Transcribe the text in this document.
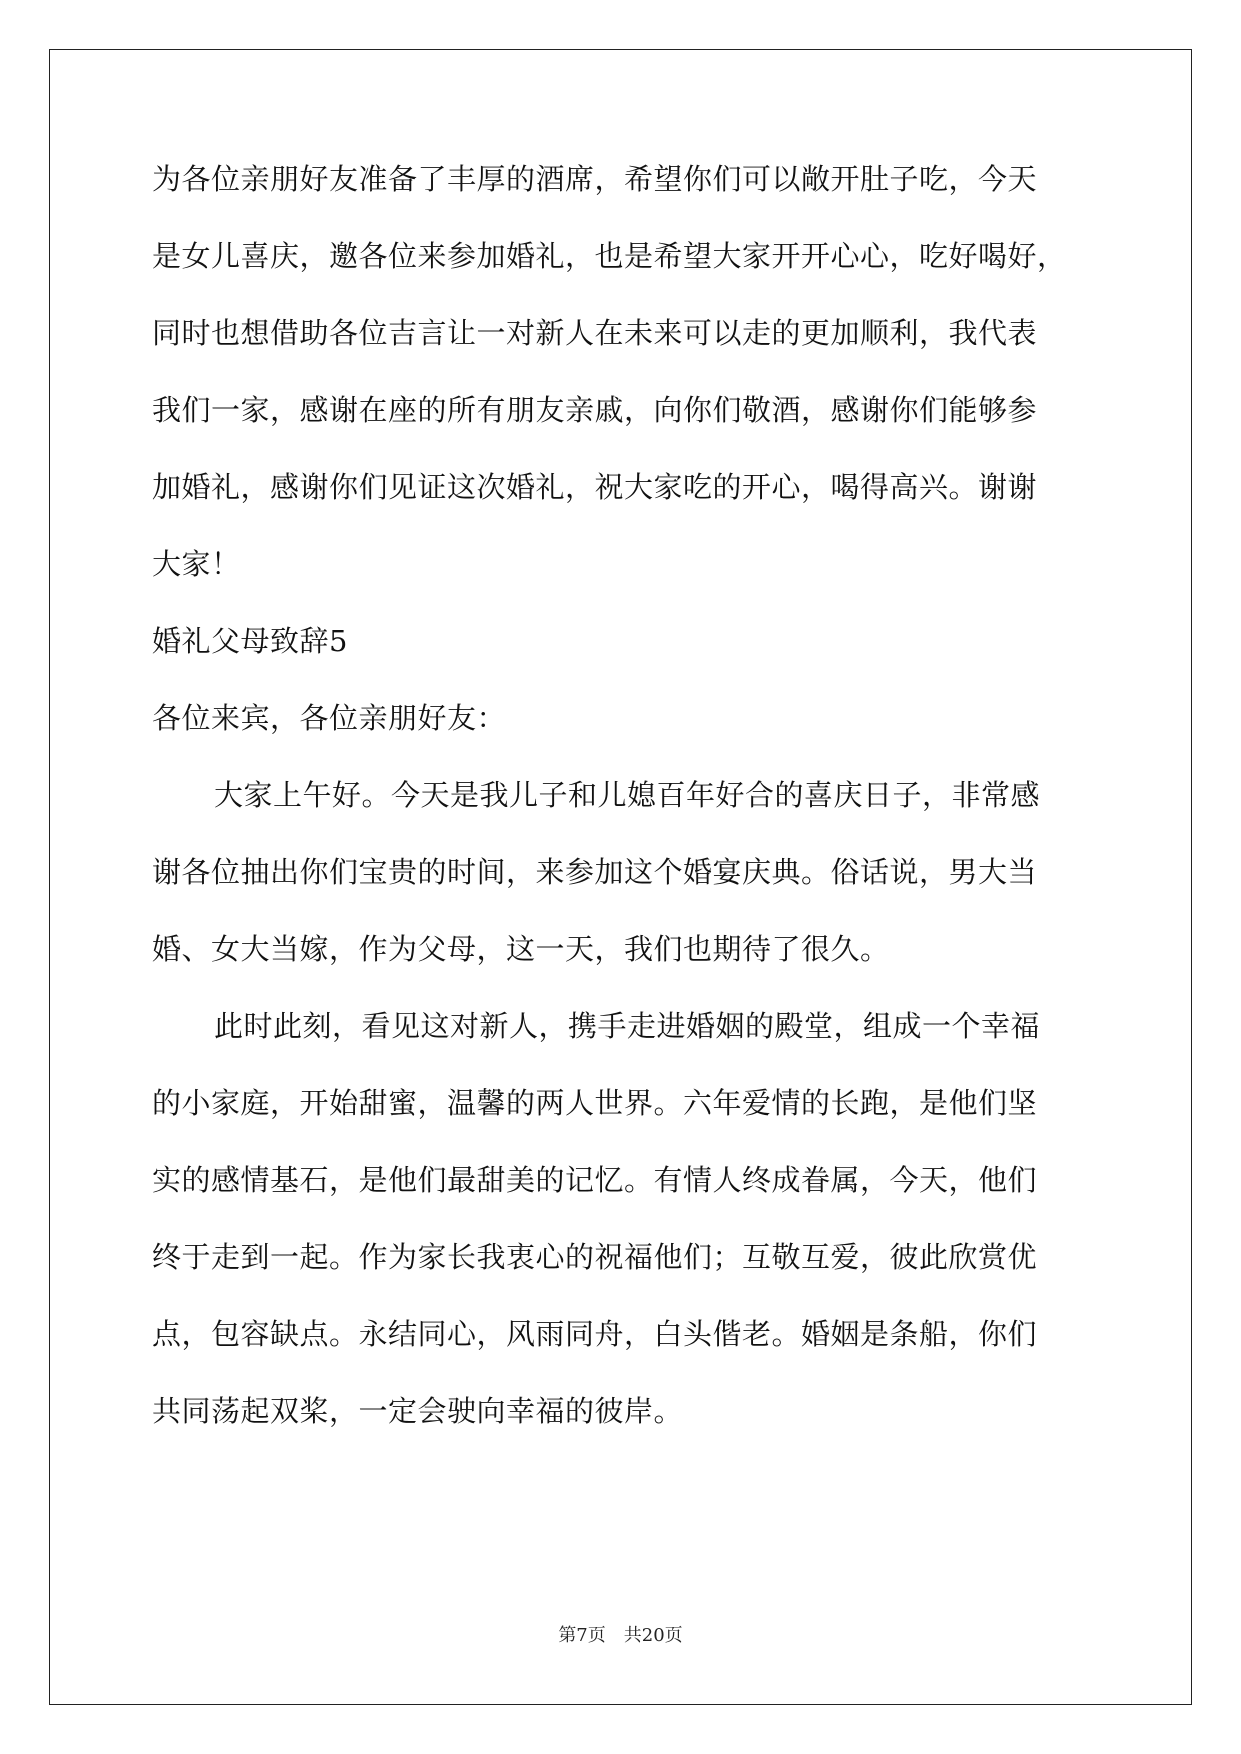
为各位亲朋好友准备了丰厚的酒席，希望你们可以敞开肚子吃，今天
是女儿喜庆，邀各位来参加婚礼，也是希望大家开开心心，吃好喝好，
同时也想借助各位吉言让一对新人在未来可以走的更加顺利，我代表
我们一家，感谢在座的所有朋友亲戚，向你们敬酒，感谢你们能够参
加婚礼，感谢你们见证这次婚礼，祝大家吃的开心，喝得高兴。谢谢
大家！
婚礼父母致辞5
各位来宾，各位亲朋好友：
大家上午好。今天是我儿子和儿媳百年好合的喜庆日子，非常感
谢各位抽出你们宝贵的时间，来参加这个婚宴庆典。俗话说，男大当
婚、女大当嫁，作为父母，这一天，我们也期待了很久。
此时此刻，看见这对新人，携手走进婚姻的殿堂，组成一个幸福
的小家庭，开始甜蜜，温馨的两人世界。六年爱情的长跑，是他们坚
实的感情基石，是他们最甜美的记忆。有情人终成眷属，今天，他们
终于走到一起。作为家长我衷心的祝福他们；互敬互爱，彼此欣赏优
点，包容缺点。永结同心，风雨同舟，白头偕老。婚姻是条船，你们
共同荡起双桨，一定会驶向幸福的彼岸。
第7页　共20页
